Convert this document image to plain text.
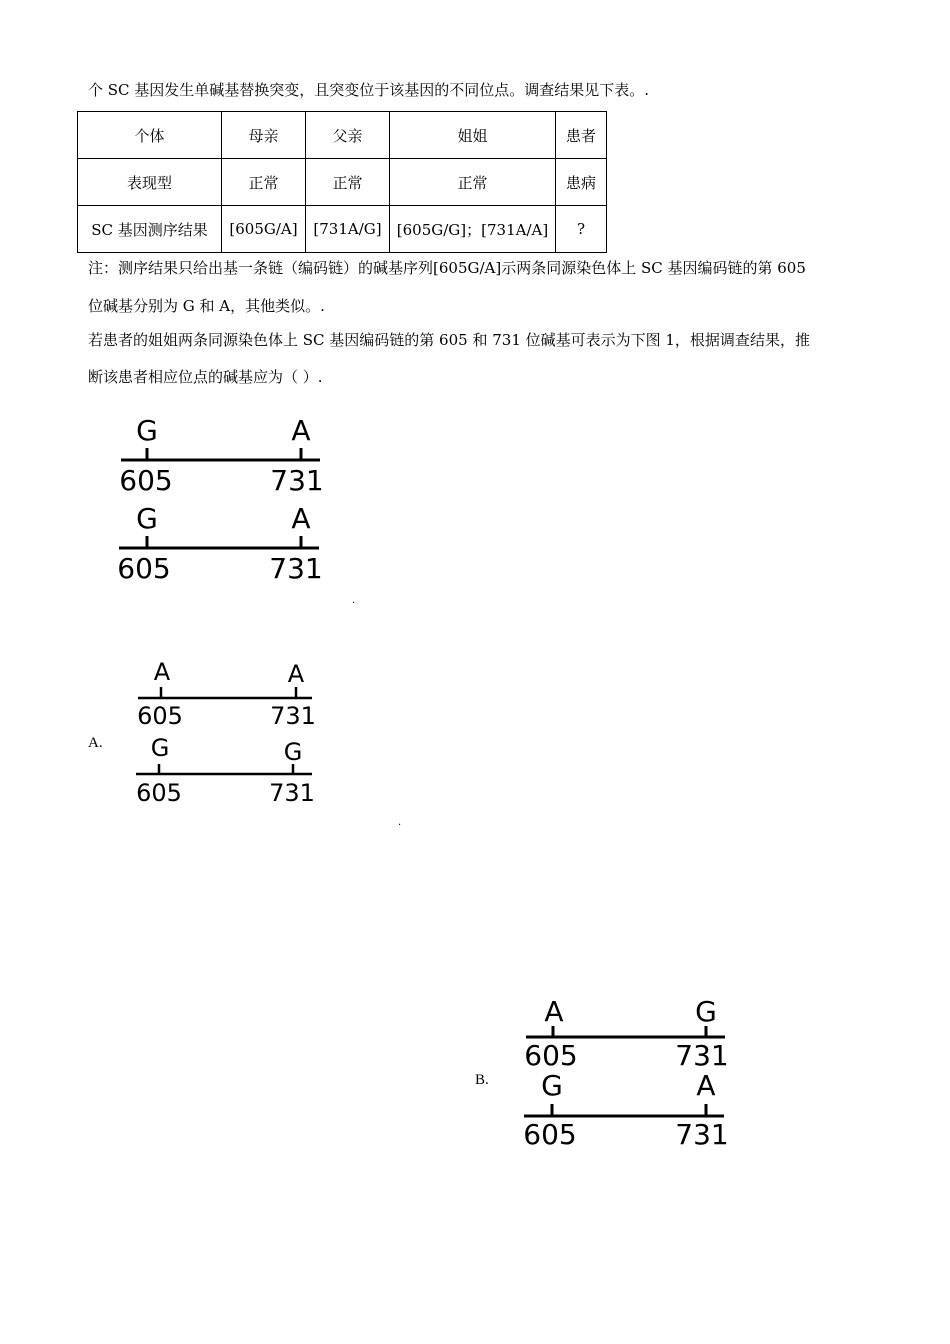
个 SC 基因发生单碱基替换突变，且突变位于该基因的不同位点。调查结果见下表。.
个体	母亲	父亲	姐姐	患者
表现型	正常	正常	正常	患病
SC 基因测序结果	[605G/A]	[731A/G]	[605G/G]；[731A/A]	?
注：测序结果只给出基一条链（编码链）的碱基序列[605G/A]示两条同源染色体上 SC 基因编码链的第 605
位碱基分别为 G 和 A，其他类似。.
若患者的姐姐两条同源染色体上 SC 基因编码链的第 605 和 731 位碱基可表示为下图 1，根据调查结果，推
断该患者相应位点的碱基应为（ ）.
G	A
605	731
G	A
605	731
·
A.
A	A
605	731
G	G
605	731
·
B.
A	G
605	731
G	A
605	731
